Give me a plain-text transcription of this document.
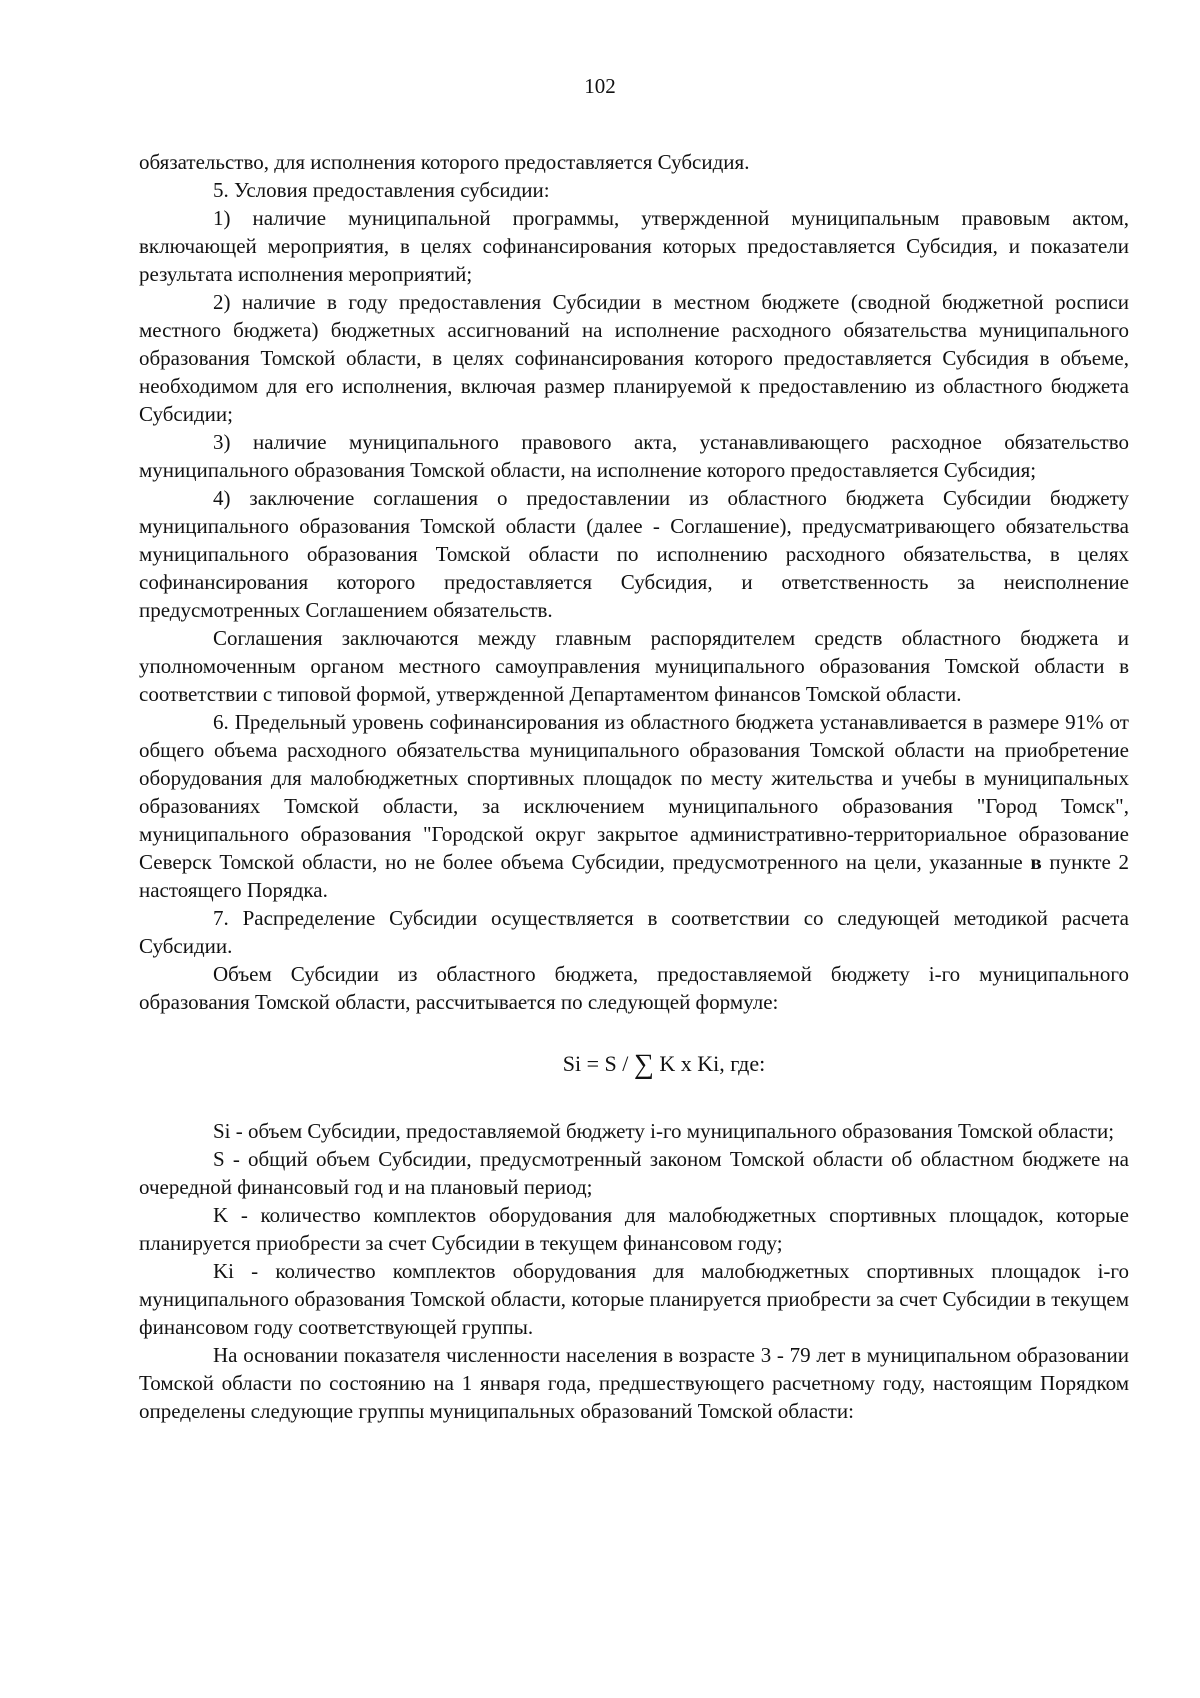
102

обязательство, для исполнения которого предоставляется Субсидия.

5. Условия предоставления субсидии:

1) наличие муниципальной программы, утвержденной муниципальным правовым актом, включающей мероприятия, в целях софинансирования которых предоставляется Субсидия, и показатели результата исполнения мероприятий;

2) наличие в году предоставления Субсидии в местном бюджете (сводной бюджетной росписи местного бюджета) бюджетных ассигнований на исполнение расходного обязательства муниципального образования Томской области, в целях софинансирования которого предоставляется Субсидия в объеме, необходимом для его исполнения, включая размер планируемой к предоставлению из областного бюджета Субсидии;

3) наличие муниципального правового акта, устанавливающего расходное обязательство муниципального образования Томской области, на исполнение которого предоставляется Субсидия;

4) заключение соглашения о предоставлении из областного бюджета Субсидии бюджету муниципального образования Томской области (далее - Соглашение), предусматривающего обязательства муниципального образования Томской области по исполнению расходного обязательства, в целях софинансирования которого предоставляется Субсидия, и ответственность за неисполнение предусмотренных Соглашением обязательств.

Соглашения заключаются между главным распорядителем средств областного бюджета и уполномоченным органом местного самоуправления муниципального образования Томской области в соответствии с типовой формой, утвержденной Департаментом финансов Томской области.

6. Предельный уровень софинансирования из областного бюджета устанавливается в размере 91% от общего объема расходного обязательства муниципального образования Томской области на приобретение оборудования для малобюджетных спортивных площадок по месту жительства и учебы в муниципальных образованиях Томской области, за исключением муниципального образования "Город Томск", муниципального образования "Городской округ закрытое административно-территориальное образование Северск Томской области, но не более объема Субсидии, предусмотренного на цели, указанные в пункте 2 настоящего Порядка.

7. Распределение Субсидии осуществляется в соответствии со следующей методикой расчета Субсидии.

Объем Субсидии из областного бюджета, предоставляемой бюджету i-го муниципального образования Томской области, рассчитывается по следующей формуле:

Si = S / ∑ K x Ki, где:

Si - объем Субсидии, предоставляемой бюджету i-го муниципального образования Томской области;

S - общий объем Субсидии, предусмотренный законом Томской области об областном бюджете на очередной финансовый год и на плановый период;

K - количество комплектов оборудования для малобюджетных спортивных площадок, которые планируется приобрести за счет Субсидии в текущем финансовом году;

Ki - количество комплектов оборудования для малобюджетных спортивных площадок i-го муниципального образования Томской области, которые планируется приобрести за счет Субсидии в текущем финансовом году соответствующей группы.

На основании показателя численности населения в возрасте 3 - 79 лет в муниципальном образовании Томской области по состоянию на 1 января года, предшествующего расчетному году, настоящим Порядком определены следующие группы муниципальных образований Томской области:
